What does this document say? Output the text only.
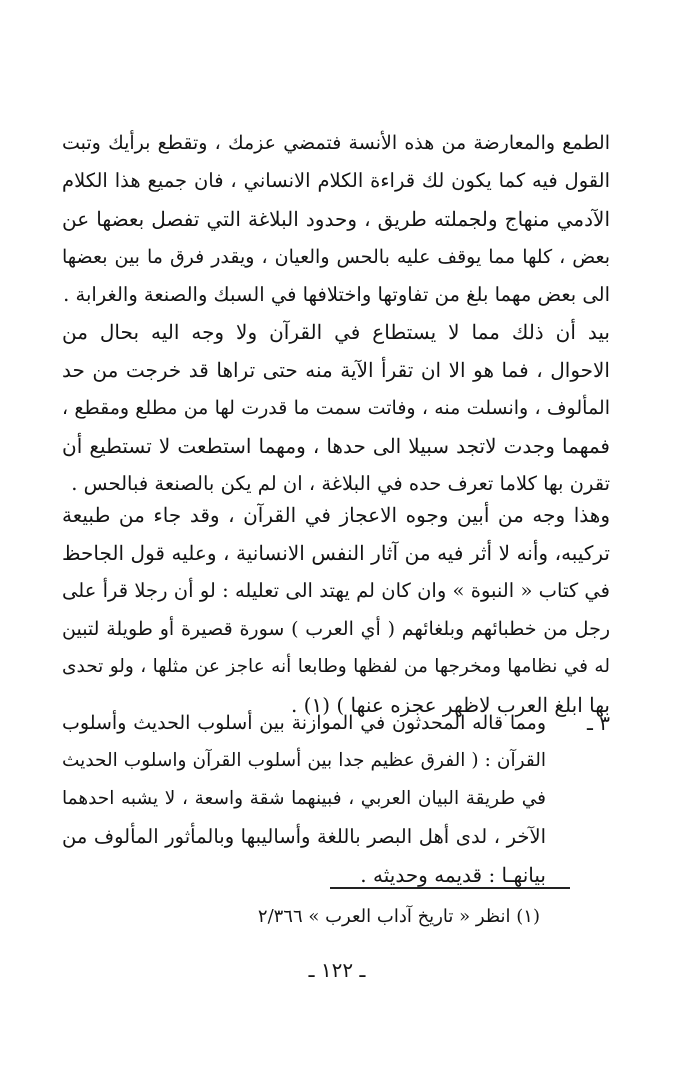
الطمع والمعارضة من هذه الأنسة فتمضي عزمك ، وتقطع برأيك وتبت
القول فيه كما يكون لك قراءة الكلام الانساني ، فان جميع هذا الكلام
الآدمي منهاج ولجملته طريق ، وحدود البلاغة التي تفصل بعضها عن
بعض ، كلها مما يوقف عليه بالحس والعيان ، ويقدر فرق ما بين بعضها
الى بعض مهما بلغ من تفاوتها واختلافها في السبك والصنعة والغرابة .
بيد أن ذلك مما لا يستطاع في القرآن ولا وجه اليه بحال من
الاحوال ، فما هو الا ان تقرأ الآية منه حتى تراها قد خرجت من حد
المألوف ، وانسلت منه ، وفاتت سمت ما قدرت لها من مطلع ومقطع ،
فمهما وجدت لاتجد سبيلا الى حدها ، ومهما استطعت لا تستطيع أن
تقرن بها كلاما تعرف حده في البلاغة ، ان لم يكن بالصنعة فبالحس .
وهذا وجه من أبين وجوه الاعجاز في القرآن ، وقد جاء من طبيعة
تركيبه، وأنه لا أثر فيه من آثار النفس الانسانية ، وعليه قول الجاحظ
في كتاب « النبوة » وان كان لم يهتد الى تعليله : لو أن رجلا قرأ على
رجل من خطبائهم وبلغائهم ( أي العرب ) سورة قصيرة أو طويلة لتبين
له في نظامها ومخرجها من لفظها وطابعا أنه عاجز عن مثلها ، ولو تحدى
بها ابلغ العرب لاظهر عجزه عنها ) (١) .
٣ ـ
ومما قاله المحدثون في الموازنة بين أسلوب الحديث وأسلوب
القرآن : ( الفرق عظيم جدا بين أسلوب القرآن واسلوب الحديث
في طريقة البيان العربي ، فبينهما شقة واسعة ، لا يشبه احدهما
الآخر ، لدى أهل البصر باللغة وأساليبها وبالمأثور المألوف من
بيانهـا : قديمه وحديثه .
(١) انظر « تاريخ آداب العرب » ٢/٣٦٦
ـ ١٢٢ ـ
